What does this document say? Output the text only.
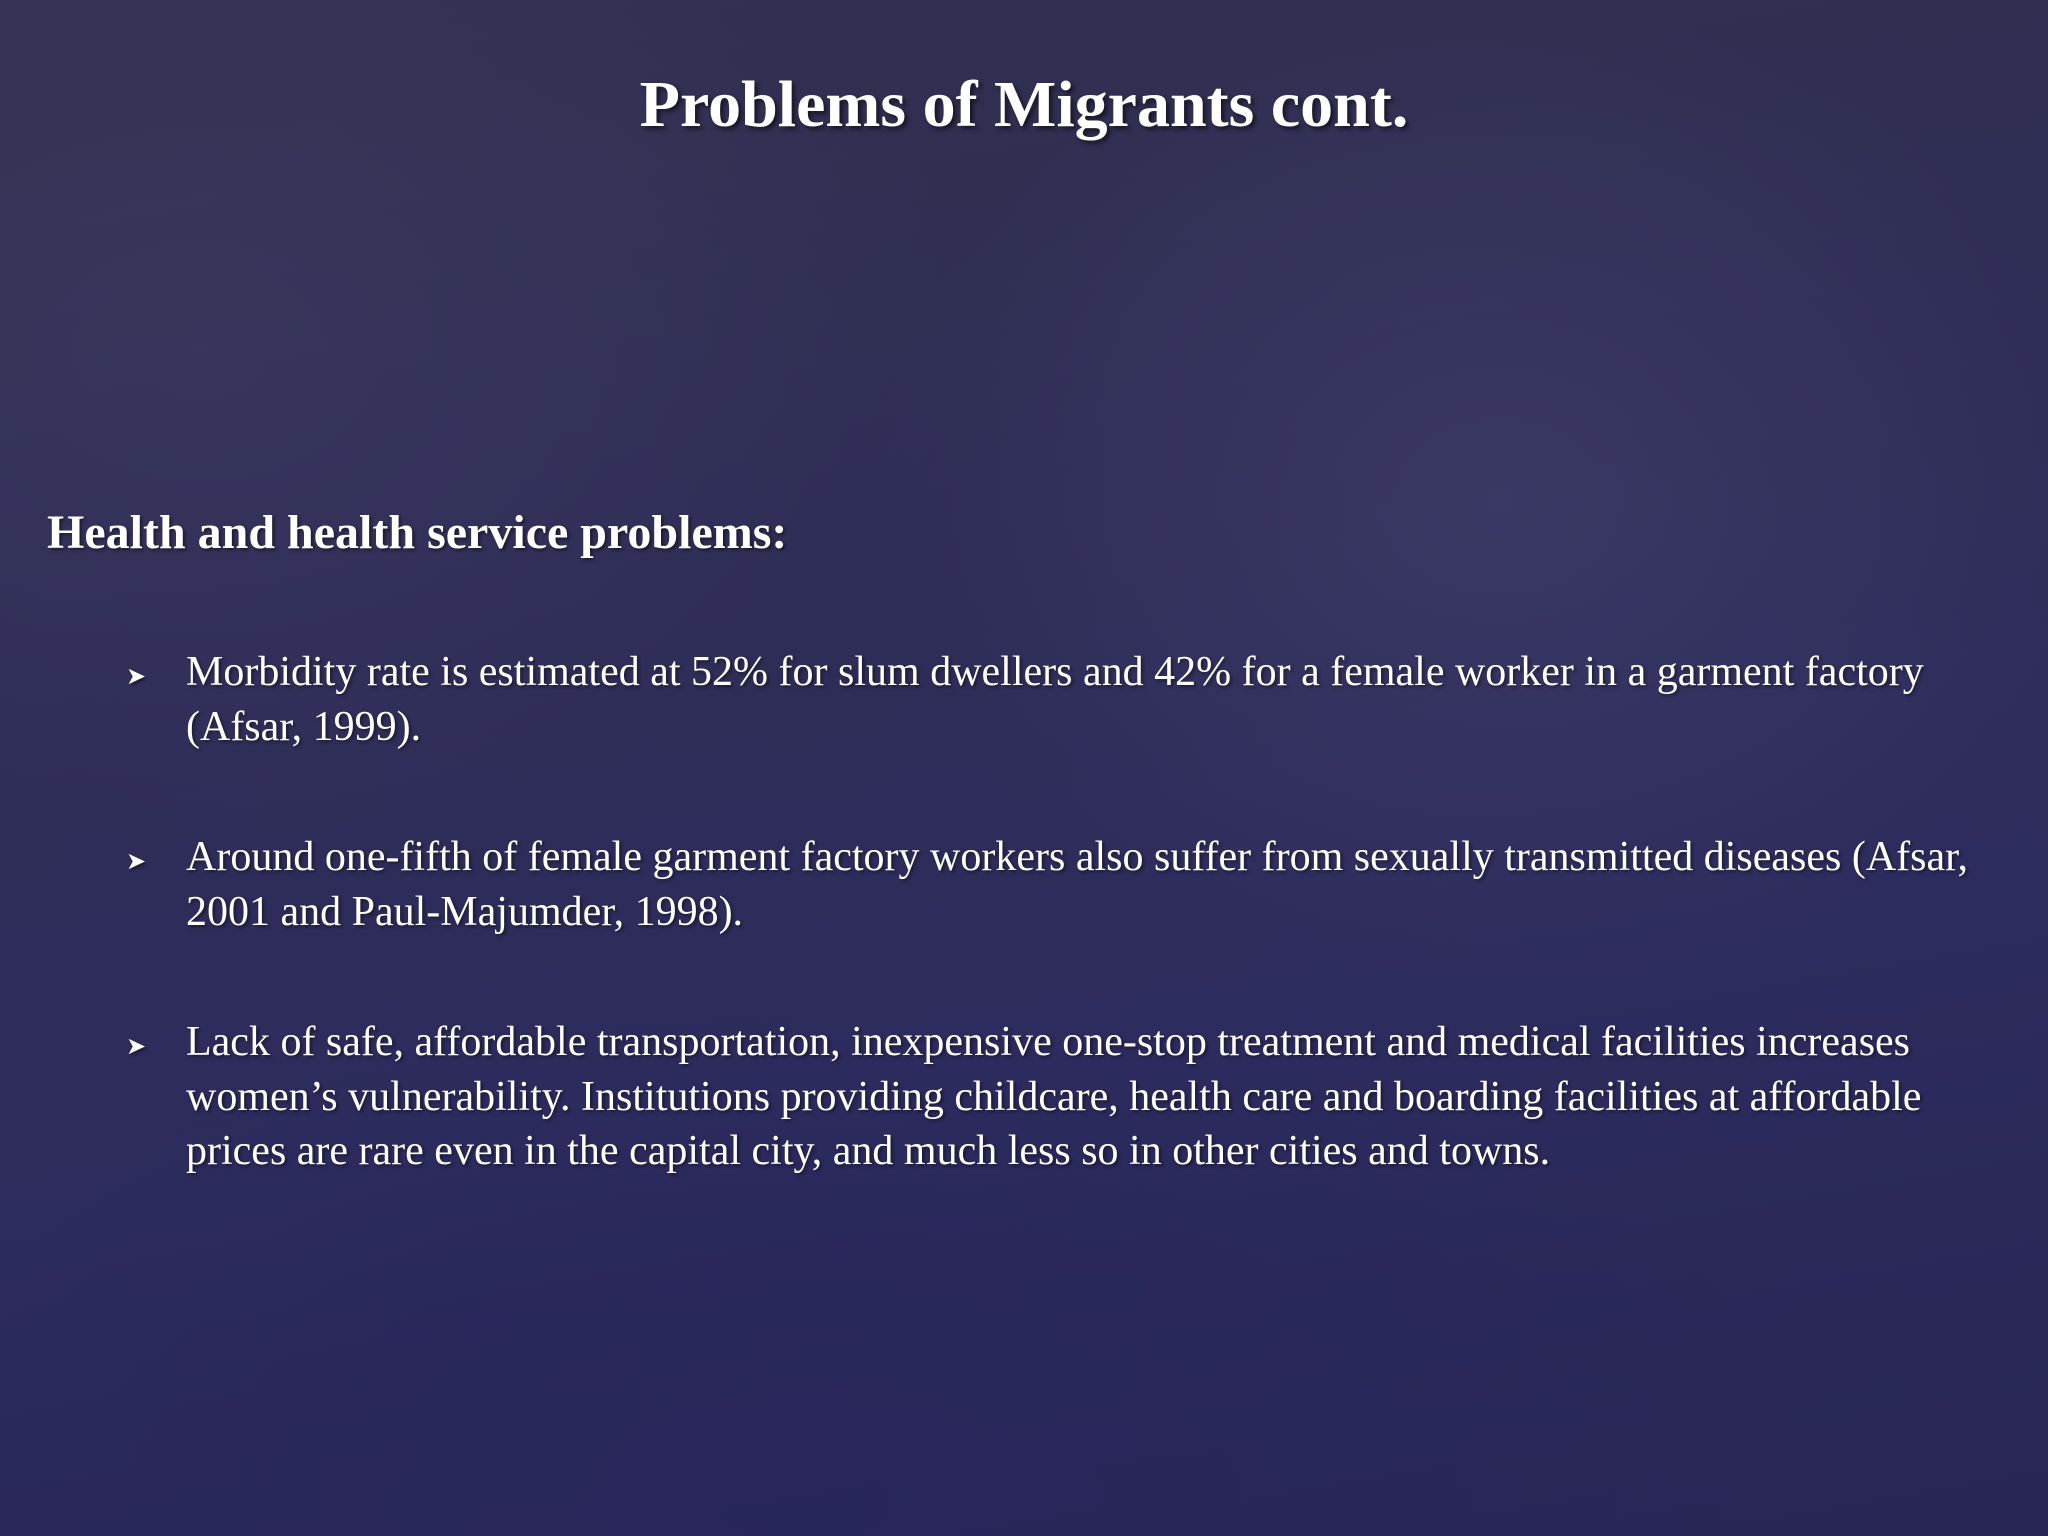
Problems of Migrants cont.
Health and health service problems:
➤ Morbidity rate is estimated at 52% for slum dwellers and 42% for a female worker in a garment factory (Afsar, 1999).
➤ Around one-fifth of female garment factory workers also suffer from sexually transmitted diseases (Afsar, 2001 and Paul-Majumder, 1998).
➤ Lack of safe, affordable transportation, inexpensive one-stop treatment and medical facilities increases women’s vulnerability. Institutions providing childcare, health care and boarding facilities at affordable prices are rare even in the capital city, and much less so in other cities and towns.
